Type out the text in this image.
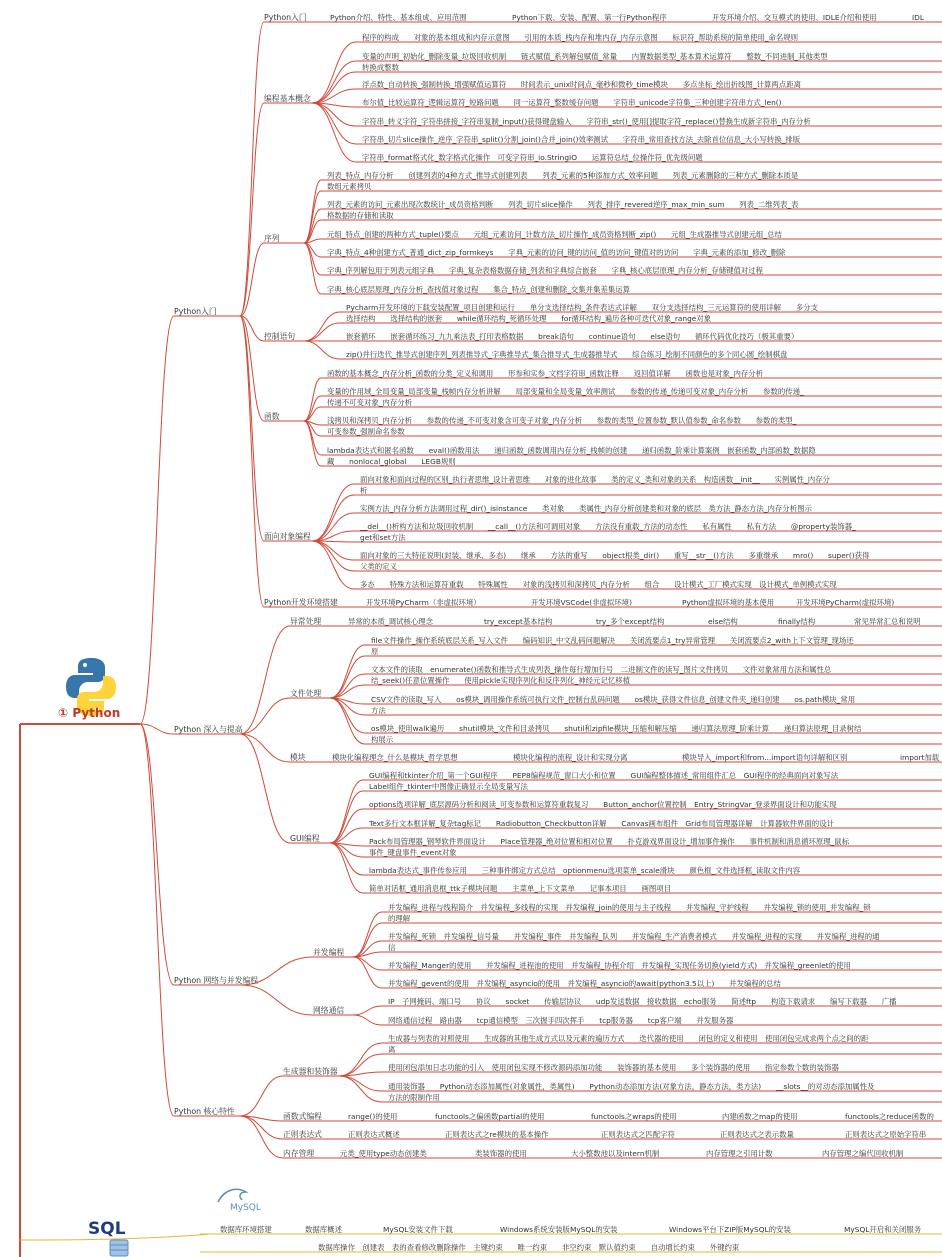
① Python
MySQL
SQL
Python入门
Python入门	Python介绍、特性、基本组成、应用范围	Python下载、安装、配置、第一行Python程序	开发环境介绍、交互模式的使用、IDLE介绍和使用	IDL
编程基本概念
程序的构成　　对象的基本组成和内存示意图　　引用的本质_栈内存和堆内存_内存示意图　　标识符_帮助系统的简单使用_命名规则
变量的声明_初始化_删除变量_垃圾回收机制　　链式赋值_系列解包赋值_常量　　内置数据类型_基本算术运算符　　整数_不同进制_其他类型
转换成整数
浮点数_自动转换_强制转换_增强赋值运算符　　时间表示_unix时间点_毫秒和微秒_time模块　　多点坐标_绘出折线图_计算两点距离
布尔值_比较运算符_逻辑运算符_短路问题　　同一运算符_整数缓存问题　　字符串_unicode字符集_三种创建字符串方式_len()
字符串_转义字符_字符串拼接_字符串复制_input()获得键盘输入　　字符串_str()_使用[]提取字符_replace()替换生成新字符串_内存分析
字符串_切片slice操作_逆序_字符串_split()分割_join()合并_join()效率测试　　字符串_常用查找方法_去除首位信息_大小写转换_排版
字符串_format格式化_数字格式化操作　可变字符串_io.StringIO　　运算符总结_位操作符_优先级问题
序列
列表_特点_内存分析　　创建列表的4种方式_推导式创建列表　　列表_元素的5种添加方式_效率问题　　列表_元素删除的三种方式_删除本质是
数组元素拷贝
列表_元素的访问_元素出现次数统计_成员资格判断　　列表_切片slice操作　　列表_排序_revered逆序_max_min_sum　　列表_二维列表_表
格数据的存储和读取
元组_特点_创建的两种方式_tuple()要点　　元组_元素访问_计数方法_切片操作_成员资格判断_zip()　　元组_生成器推导式创建元组_总结
字典_特点_4种创建方式_普通_dict_zip_formkeys　　字典_元素的访问_键的访问_值的访问_键值对的访问　　字典_元素的添加_修改_删除
字典_序列解包用于列表元组字典　　字典_复杂表格数据存储_列表和字典综合嵌套　　字典_核心底层原理_内存分析_存储键值对过程
字典_核心底层原理_内存分析_查找值对象过程　　集合_特点_创建和删除_交集并集差集运算
控制语句
Pycharm开发环境的下载安装配置_项目创建和运行　　单分支选择结构_条件表达式详解　　双分支选择结构_三元运算符的使用详解　　多分支
选择结构　　选择结构的嵌套　　while循环结构_死循环处理　　for循环结构_遍历各种可迭代对象_range对象
嵌套循环　　嵌套循环练习_九九乘法表_打印表格数据　　break语句　　continue语句　　else语句　　循环代码优化技巧（极其重要）
zip()并行迭代_推导式创建序列_列表推导式_字典推导式_集合推导式_生成器推导式　　综合练习_绘制不同颜色的多个同心圆_绘制棋盘
函数
函数的基本概念_内存分析_函数的分类_定义和调用　　形参和实参_文档字符串_函数注释　　返回值详解　　函数也是对象_内存分析
变量的作用域_全局变量_局部变量_栈帧内存分析讲解　　局部变量和全局变量_效率测试　　参数的传递_传递可变对象_内存分析　　参数的传递_
传递不可变对象_内存分析
浅拷贝和深拷贝_内存分析　　参数的传递_不可变对象含可变子对象_内存分析　　参数的类型_位置参数_默认值参数_命名参数　　参数的类型_
可变参数_强制命名参数
lambda表达式和匿名函数　　eval()函数用法　　递归函数_函数调用内存分析_栈帧的创建　　递归函数_阶乘计算案例　嵌套函数_内部函数_数据隐
藏　　nonlocal_global　　LEGB规则
面向对象编程
面向对象和面向过程的区别_执行者思维_设计者思维　　对象的进化故事　　类的定义_类和对象的关系　构造函数__init__　　实例属性_内存分
析
实例方法_内存分析方法调用过程_dir()_isinstance　　类对象　　类属性_内存分析创建类和对象的底层　类方法_静态方法_内存分析图示
__del__()析构方法和垃圾回收机制　　__call__()方法和可调用对象　　方法没有重载_方法的动态性　　私有属性　　私有方法　　@property装饰器_
get和set方法
面向对象的三大特征说明(封装、继承、多态)　　继承　　方法的重写　　object根类_dir()　　重写__str__()方法　　多重继承　　mro()　　super()获得
父类的定义
多态　　特殊方法和运算符重载　　特殊属性　　对象的浅拷贝和深拷贝_内存分析　　组合　　设计模式_工厂模式实现　设计模式_单例模式实现
Python开发环境搭建	开发环境PyCharm（非虚拟环境）	开发环境VSCode(非虚拟环境)	Python虚拟环境的基本使用	开发环境PyCharm(虚拟环境)
Python 深入与提高
异常处理	异常的本质_调试核心理念	try_except基本结构	try_多个except结构	else结构	finally结构	常见异常汇总和说明
文件处理
file文件操作_操作系统底层关系_写入文件　　编码知识_中文乱码问题解决　　关闭流要点1_try异常管理　　关闭流要点2_with上下文管理_现场还
原
文本文件的读取　enumerate()函数和推导式生成列表_操作每行增加行号　二进制文件的读写_图片文件拷贝　　文件对象常用方法和属性总
结_seek()任意位置操作　　使用pickle实现序列化和反序列化_神经元记忆移植
CSV文件的读取_写入　　os模块_调用操作系统可执行文件_控制台乱码问题　　os模块_获得文件信息_创建文件夹_递归创建　　os.path模块_常用
方法
os模块_使用walk遍历　　shutil模块_文件和目录拷贝　　shutil和zipfile模块_压缩和解压缩　　递归算法原理_阶乘计算　　递归算法原理_目录树结
构展示
模块	模块化编程理念_什么是模块_哲学思想	模块化编程的流程_设计和实现分离	模块导入_import和from...import语句详解和区别	import加载
GUI编程
GUI编程和tkinter介绍_第一个GUI程序　　PEP8编程规范_窗口大小和位置　　GUI编程整体描述_常用组件汇总　GUI程序的经典面向对象写法
Label组件_tkinter中图像正确显示全局变量写法
options选项详解_底层源码分析和阅读_可变参数和运算符重载复习　　Button_anchor位置控制　Entry_StringVar_登录界面设计和功能实现
Text多行文本框详解_复杂tag标记　　Radiobutton_Checkbutton详解　　Canvas画布组件　Grid布局管理器详解　计算器软件界面的设计
Pack布局管理器_钢琴软件界面设计　　Place管理器_绝对位置和相对位置　　扑克游戏界面设计_增加事件操作　　事件机制和消息循环原理_鼠标
事件_键盘事件_event对象
lambda表达式_事件传参应用　　三种事件绑定方式总结　optionmenu选项菜单_scale滑块　　颜色框_文件选择框_读取文件内容
简单对话框_通用消息框_ttk子模块问题　　主菜单_上下文菜单　　记事本项目　　画图项目
Python 网络与并发编程
并发编程
并发编程_进程与线程简介　并发编程_多线程的实现　并发编程_join的使用与主子线程　　并发编程_守护线程　　并发编程_锁的使用_并发编程_锁
的理解
并发编程_死锁　并发编程_信号量　　并发编程_事件　并发编程_队列　　并发编程_生产消费者模式　　并发编程_进程的实现　　并发编程_进程的通
信
并发编程_Manger的使用　　并发编程_进程池的使用　并发编程_协程介绍　并发编程_实现任务切换(yield方式)　并发编程_greenlet的使用
并发编程_gevent的使用　并发编程_asyncio的使用　并发编程_asyncio的await(python3.5以上)　　并发编程的总结
网络通信
IP　子网掩码、端口号　　协议　　socket　　传输层协议　　udp发送数据　接收数据　echo服务　　简述ftp　　构造下载请求　　编写下载器　　广播
网络通信过程　路由器　　tcp通信模型　三次握手四次挥手　　tcp服务器　　tcp客户端　　并发服务器
Python 核心特性
生成器和装饰器
生成器与列表的对照使用　　生成器的其他生成方式以及元素的遍历方式　　迭代器的使用　　闭包的定义和使用　使用闭包完成求两个点之间的距
离
使用闭包添加日志功能的引入　使用闭包实现不修改源码添加功能　　装饰器的基本使用　　多个装饰器的使用　　指定参数个数的装饰器
通用装饰器　　Python动态添加属性(对象属性，类属性)　　Python动态添加方法(对象方法，静态方法，类方法)　　__slots__的对动态添加属性及
方法的限制作用
函数式编程	range()的使用	functools之偏函数partial的使用	functools之wraps的使用	内建函数之map的使用	functools之reduce函数的
正则表达式	正则表达式概述	正则表达式之re模块的基本操作	正则表达式之匹配字符	正则表达式之表示数量	正则表达式之原始字符串
内存管理	元类_使用type动态创建类	类装饰器的使用	大小整数池以及intern机制	内存管理之引用计数	内存管理之编代回收机制
数据库环境搭建	数据库概述	MySQL安装文件下载	Windows系统安装版MySQL的安装	Windows平台下ZIP版MySQL的安装	MySQL开启和关闭服务
数据库操作　创建表　表的查看修改删除操作　主键约束　　唯一约束　　非空约束　默认值约束　　自动增长约束　　外键约束
